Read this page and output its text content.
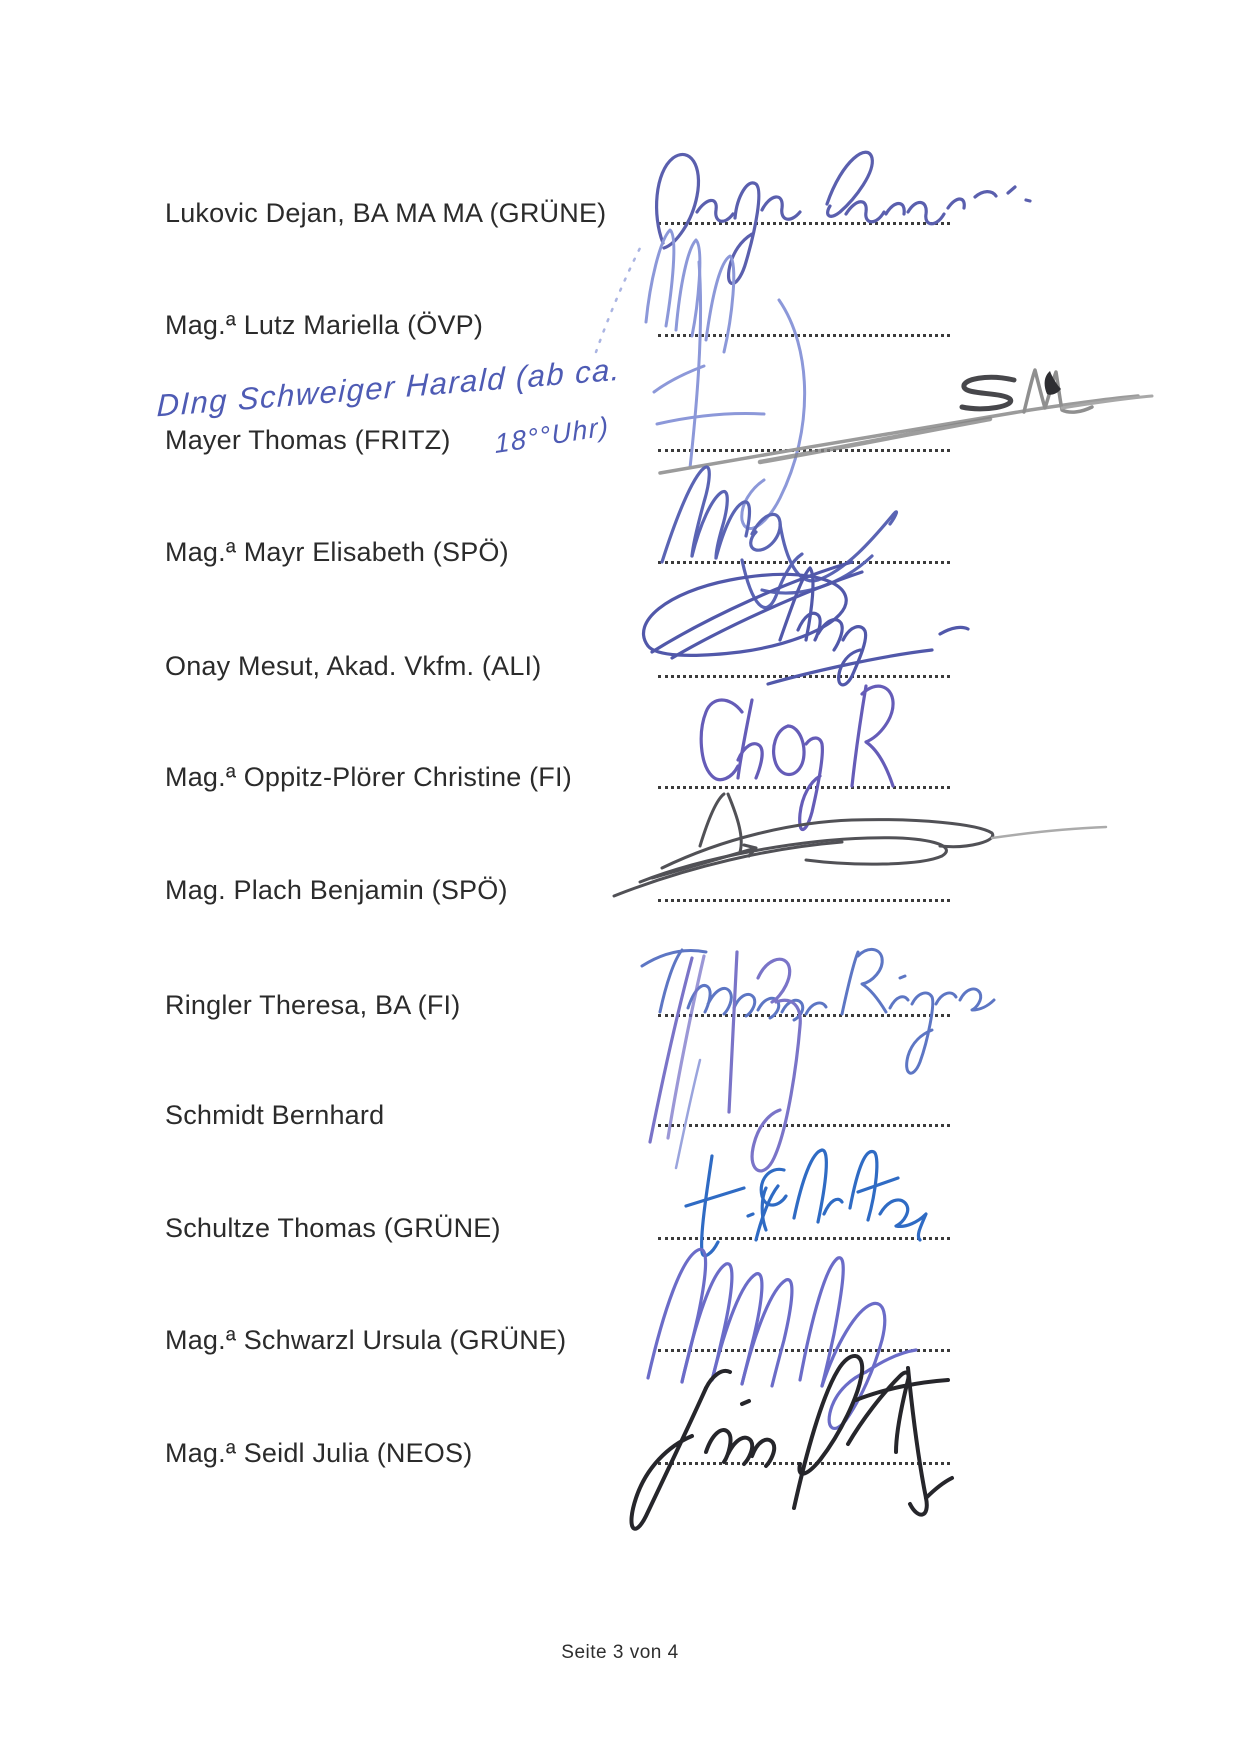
Lukovic Dejan, BA MA MA (GRÜNE)
Mag.ª Lutz Mariella (ÖVP)
Mayer Thomas (FRITZ)
Mag.ª Mayr Elisabeth (SPÖ)
Onay Mesut, Akad. Vkfm. (ALI)
Mag.ª Oppitz-Plörer Christine (FI)
Mag. Plach Benjamin (SPÖ)
Ringler Theresa, BA (FI)
Schmidt Bernhard
Schultze Thomas (GRÜNE)
Mag.ª Schwarzl Ursula (GRÜNE)
Mag.ª Seidl Julia (NEOS)
DIng Schweiger Harald (ab ca.
18°°Uhr)
Seite 3 von 4
